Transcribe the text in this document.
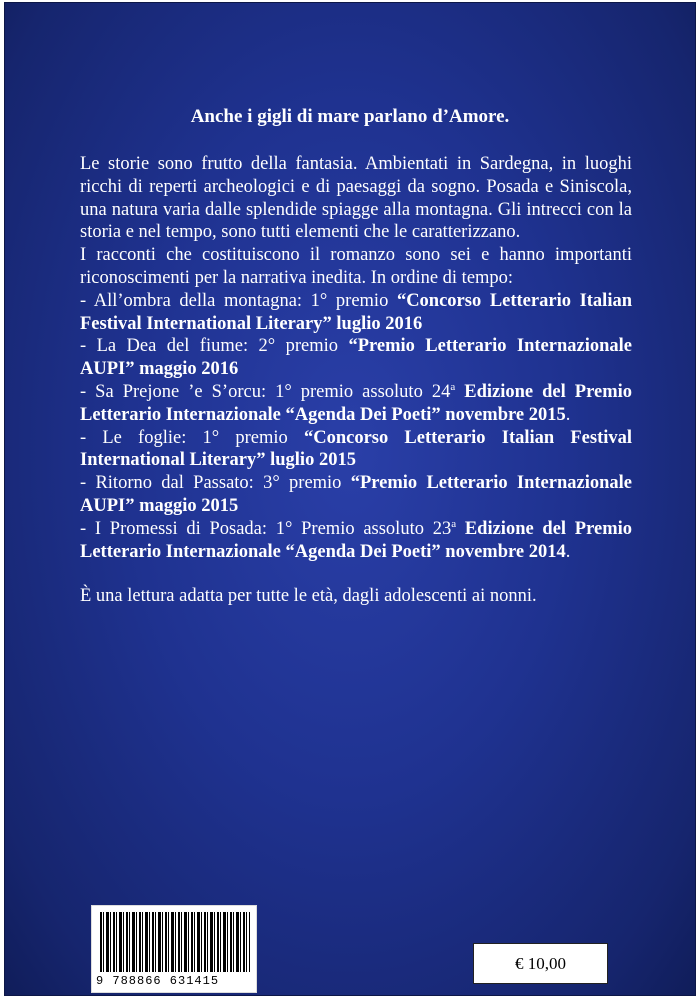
Anche i gigli di mare parlano d’Amore.

Le storie sono frutto della fantasia. Ambientati in Sardegna, in luoghi ricchi di reperti archeologici e di paesaggi da sogno. Posada e Siniscola, una natura varia dalle splendide spiagge alla montagna. Gli intrecci con la storia e nel tempo, sono tutti elementi che le caratterizzano.

I racconti che costituiscono il romanzo sono sei e hanno importanti riconoscimenti per la narrativa inedita. In ordine di tempo:

- All’ombra della montagna: 1° premio “Concorso Letterario Italian Festival International Literary” luglio 2016
- La Dea del fiume: 2° premio “Premio Letterario Internazionale AUPI” maggio 2016
- Sa Prejone ’e S’orcu: 1° premio assoluto 24$^a$ Edizione del Premio Letterario Internazionale “Agenda Dei Poeti” novembre 2015.
- Le foglie: 1° premio “Concorso Letterario Italian Festival International Literary” luglio 2015
- Ritorno dal Passato: 3° premio “Premio Letterario Internazionale AUPI” maggio 2015
- I Promessi di Posada: 1° Premio assoluto 23$^a$ Edizione del Premio Letterario Internazionale “Agenda Dei Poeti” novembre 2014.

È una lettura adatta per tutte le età, dagli adolescenti ai nonni.

9 788866 631415
€ 10,00
